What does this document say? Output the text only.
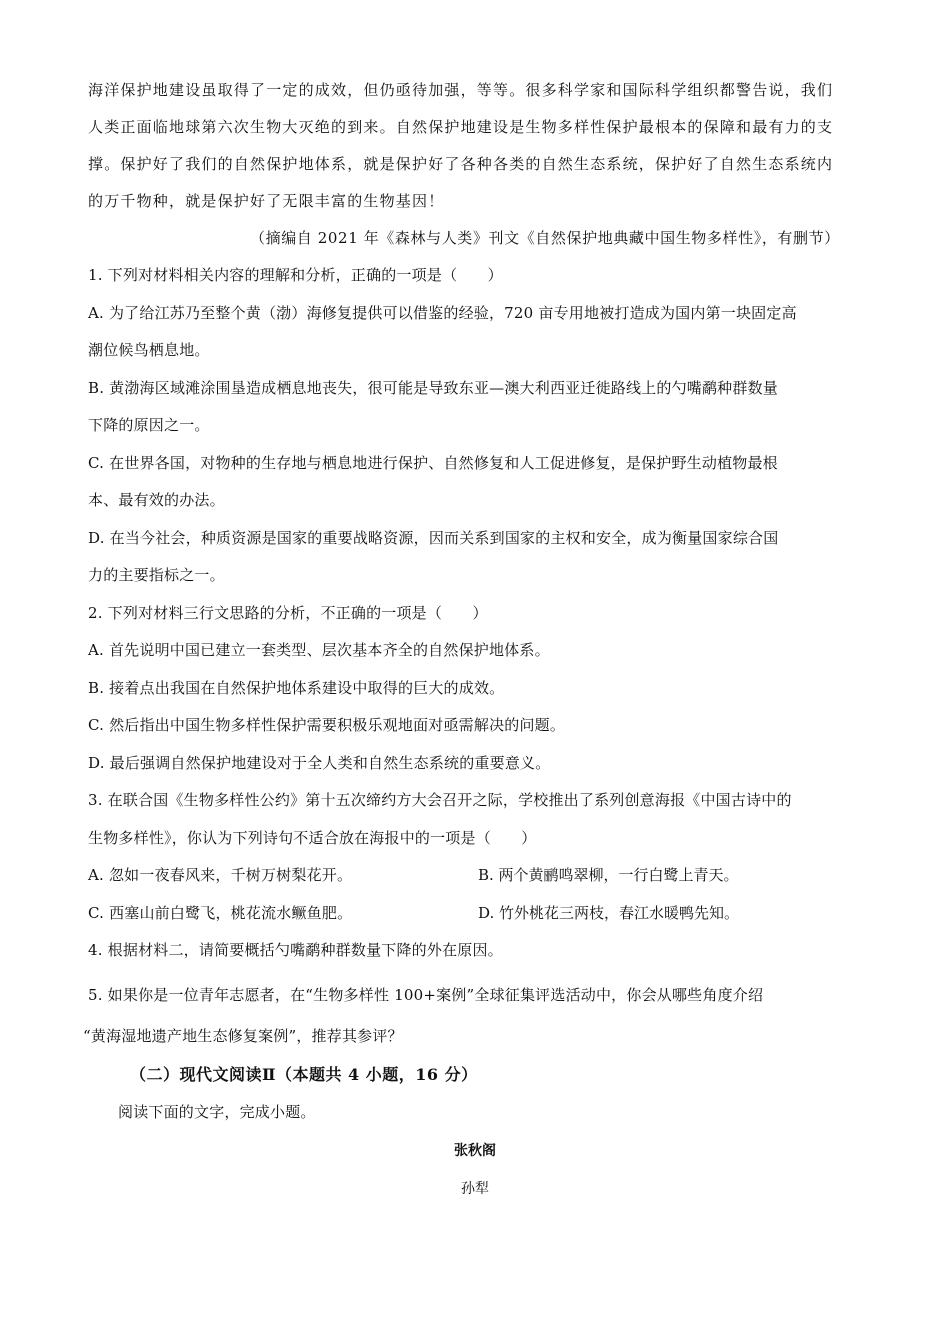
海洋保护地建设虽取得了一定的成效，但仍亟待加强，等等。很多科学家和国际科学组织都警告说，我们
人类正面临地球第六次生物大灭绝的到来。自然保护地建设是生物多样性保护最根本的保障和最有力的支
撑。保护好了我们的自然保护地体系，就是保护好了各种各类的自然生态系统，保护好了自然生态系统内
的万千物种，就是保护好了无限丰富的生物基因！
（摘编自 2021 年《森林与人类》刊文《自然保护地典藏中国生物多样性》，有删节）
1. 下列对材料相关内容的理解和分析，正确的一项是（　　）
A. 为了给江苏乃至整个黄（渤）海修复提供可以借鉴的经验，720 亩专用地被打造成为国内第一块固定高
潮位候鸟栖息地。
B. 黄渤海区域滩涂围垦造成栖息地丧失，很可能是导致东亚—澳大利西亚迁徙路线上的勺嘴鹬种群数量
下降的原因之一。
C. 在世界各国，对物种的生存地与栖息地进行保护、自然修复和人工促进修复，是保护野生动植物最根
本、最有效的办法。
D. 在当今社会，种质资源是国家的重要战略资源，因而关系到国家的主权和安全，成为衡量国家综合国
力的主要指标之一。
2. 下列对材料三行文思路的分析，不正确的一项是（　　）
A. 首先说明中国已建立一套类型、层次基本齐全的自然保护地体系。
B. 接着点出我国在自然保护地体系建设中取得的巨大的成效。
C. 然后指出中国生物多样性保护需要积极乐观地面对亟需解决的问题。
D. 最后强调自然保护地建设对于全人类和自然生态系统的重要意义。
3. 在联合国《生物多样性公约》第十五次缔约方大会召开之际，学校推出了系列创意海报《中国古诗中的
生物多样性》，你认为下列诗句不适合放在海报中的一项是（　　）
A. 忽如一夜春风来，千树万树梨花开。	B. 两个黄鹂鸣翠柳，一行白鹭上青天。
C. 西塞山前白鹭飞，桃花流水鳜鱼肥。	D. 竹外桃花三两枝，春江水暖鸭先知。
4. 根据材料二，请简要概括勺嘴鹬种群数量下降的外在原因。
5. 如果你是一位青年志愿者，在“生物多样性 100+案例”全球征集评选活动中，你会从哪些角度介绍
“黄海湿地遗产地生态修复案例”，推荐其参评？
（二）现代文阅读Ⅱ（本题共 4 小题，16 分）
阅读下面的文字，完成小题。
张秋阁
孙犁
